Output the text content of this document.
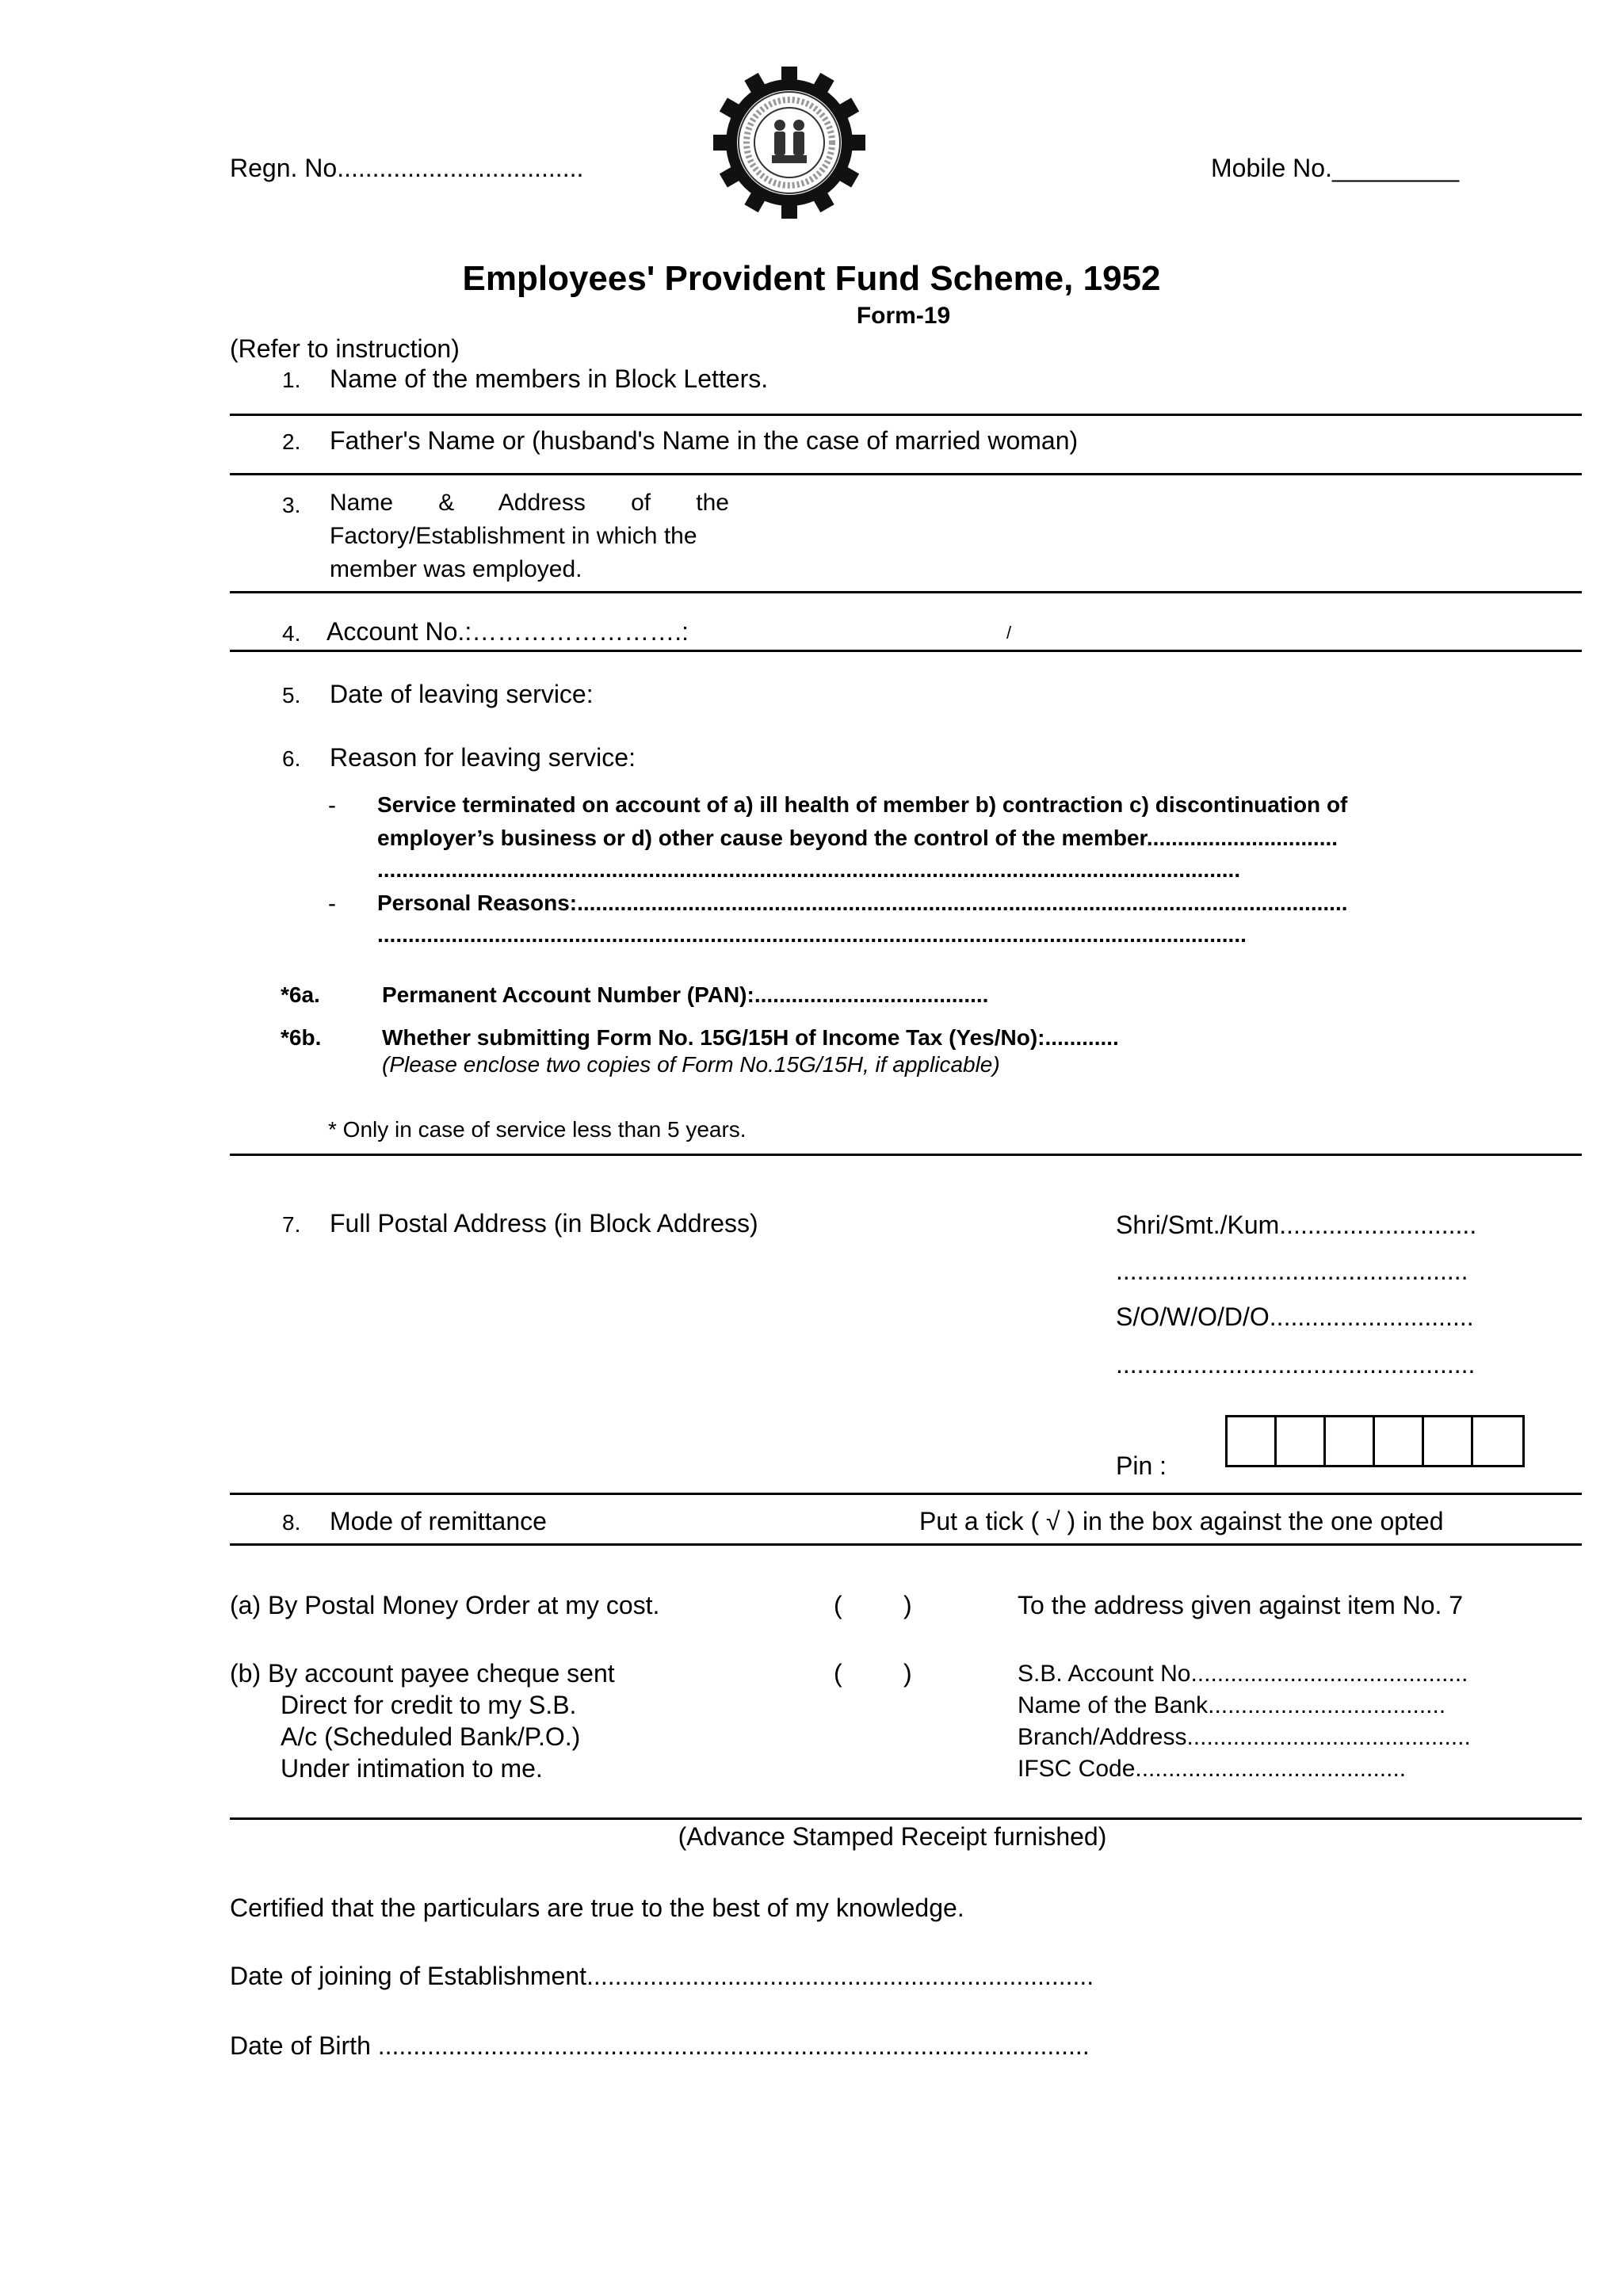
Regn. No...................................	Mobile No._________
Employees' Provident Fund Scheme, 1952
Form-19
(Refer to instruction)
1. Name of the members in Block Letters.
2. Father's Name or (husband's Name in the case of married woman)
3. Name & Address of the
Factory/Establishment in which the
member was employed.
4. Account No.:…………………….:	/
5. Date of leaving service:
6. Reason for leaving service:
- Service terminated on account of a) ill health of member b) contraction c) discontinuation of
employer’s business or d) other cause beyond the control of the member...............................
............................................................................................................................................
- Personal Reasons:.............................................................................................................................
.............................................................................................................................................
*6a.	Permanent Account Number (PAN):......................................
*6b.	Whether submitting Form No. 15G/15H of Income Tax (Yes/No):............
(Please enclose two copies of Form No.15G/15H, if applicable)
* Only in case of service less than 5 years.
7. Full Postal Address (in Block Address)	Shri/Smt./Kum............................
..................................................
S/O/W/O/D/O.............................
...................................................
Pin :
8. Mode of remittance	Put a tick ( √ ) in the box against the one opted
(a) By Postal Money Order at my cost.	( )	To the address given against item No. 7
(b) By account payee cheque sent
Direct for credit to my S.B.
A/c (Scheduled Bank/P.O.)
Under intimation to me.
( )	S.B. Account No..........................................
Name of the Bank....................................
Branch/Address...........................................
IFSC Code.........................................
(Advance Stamped Receipt furnished)
Certified that the particulars are true to the best of my knowledge.
Date of joining of Establishment........................................................................
Date of Birth .....................................................................................................
